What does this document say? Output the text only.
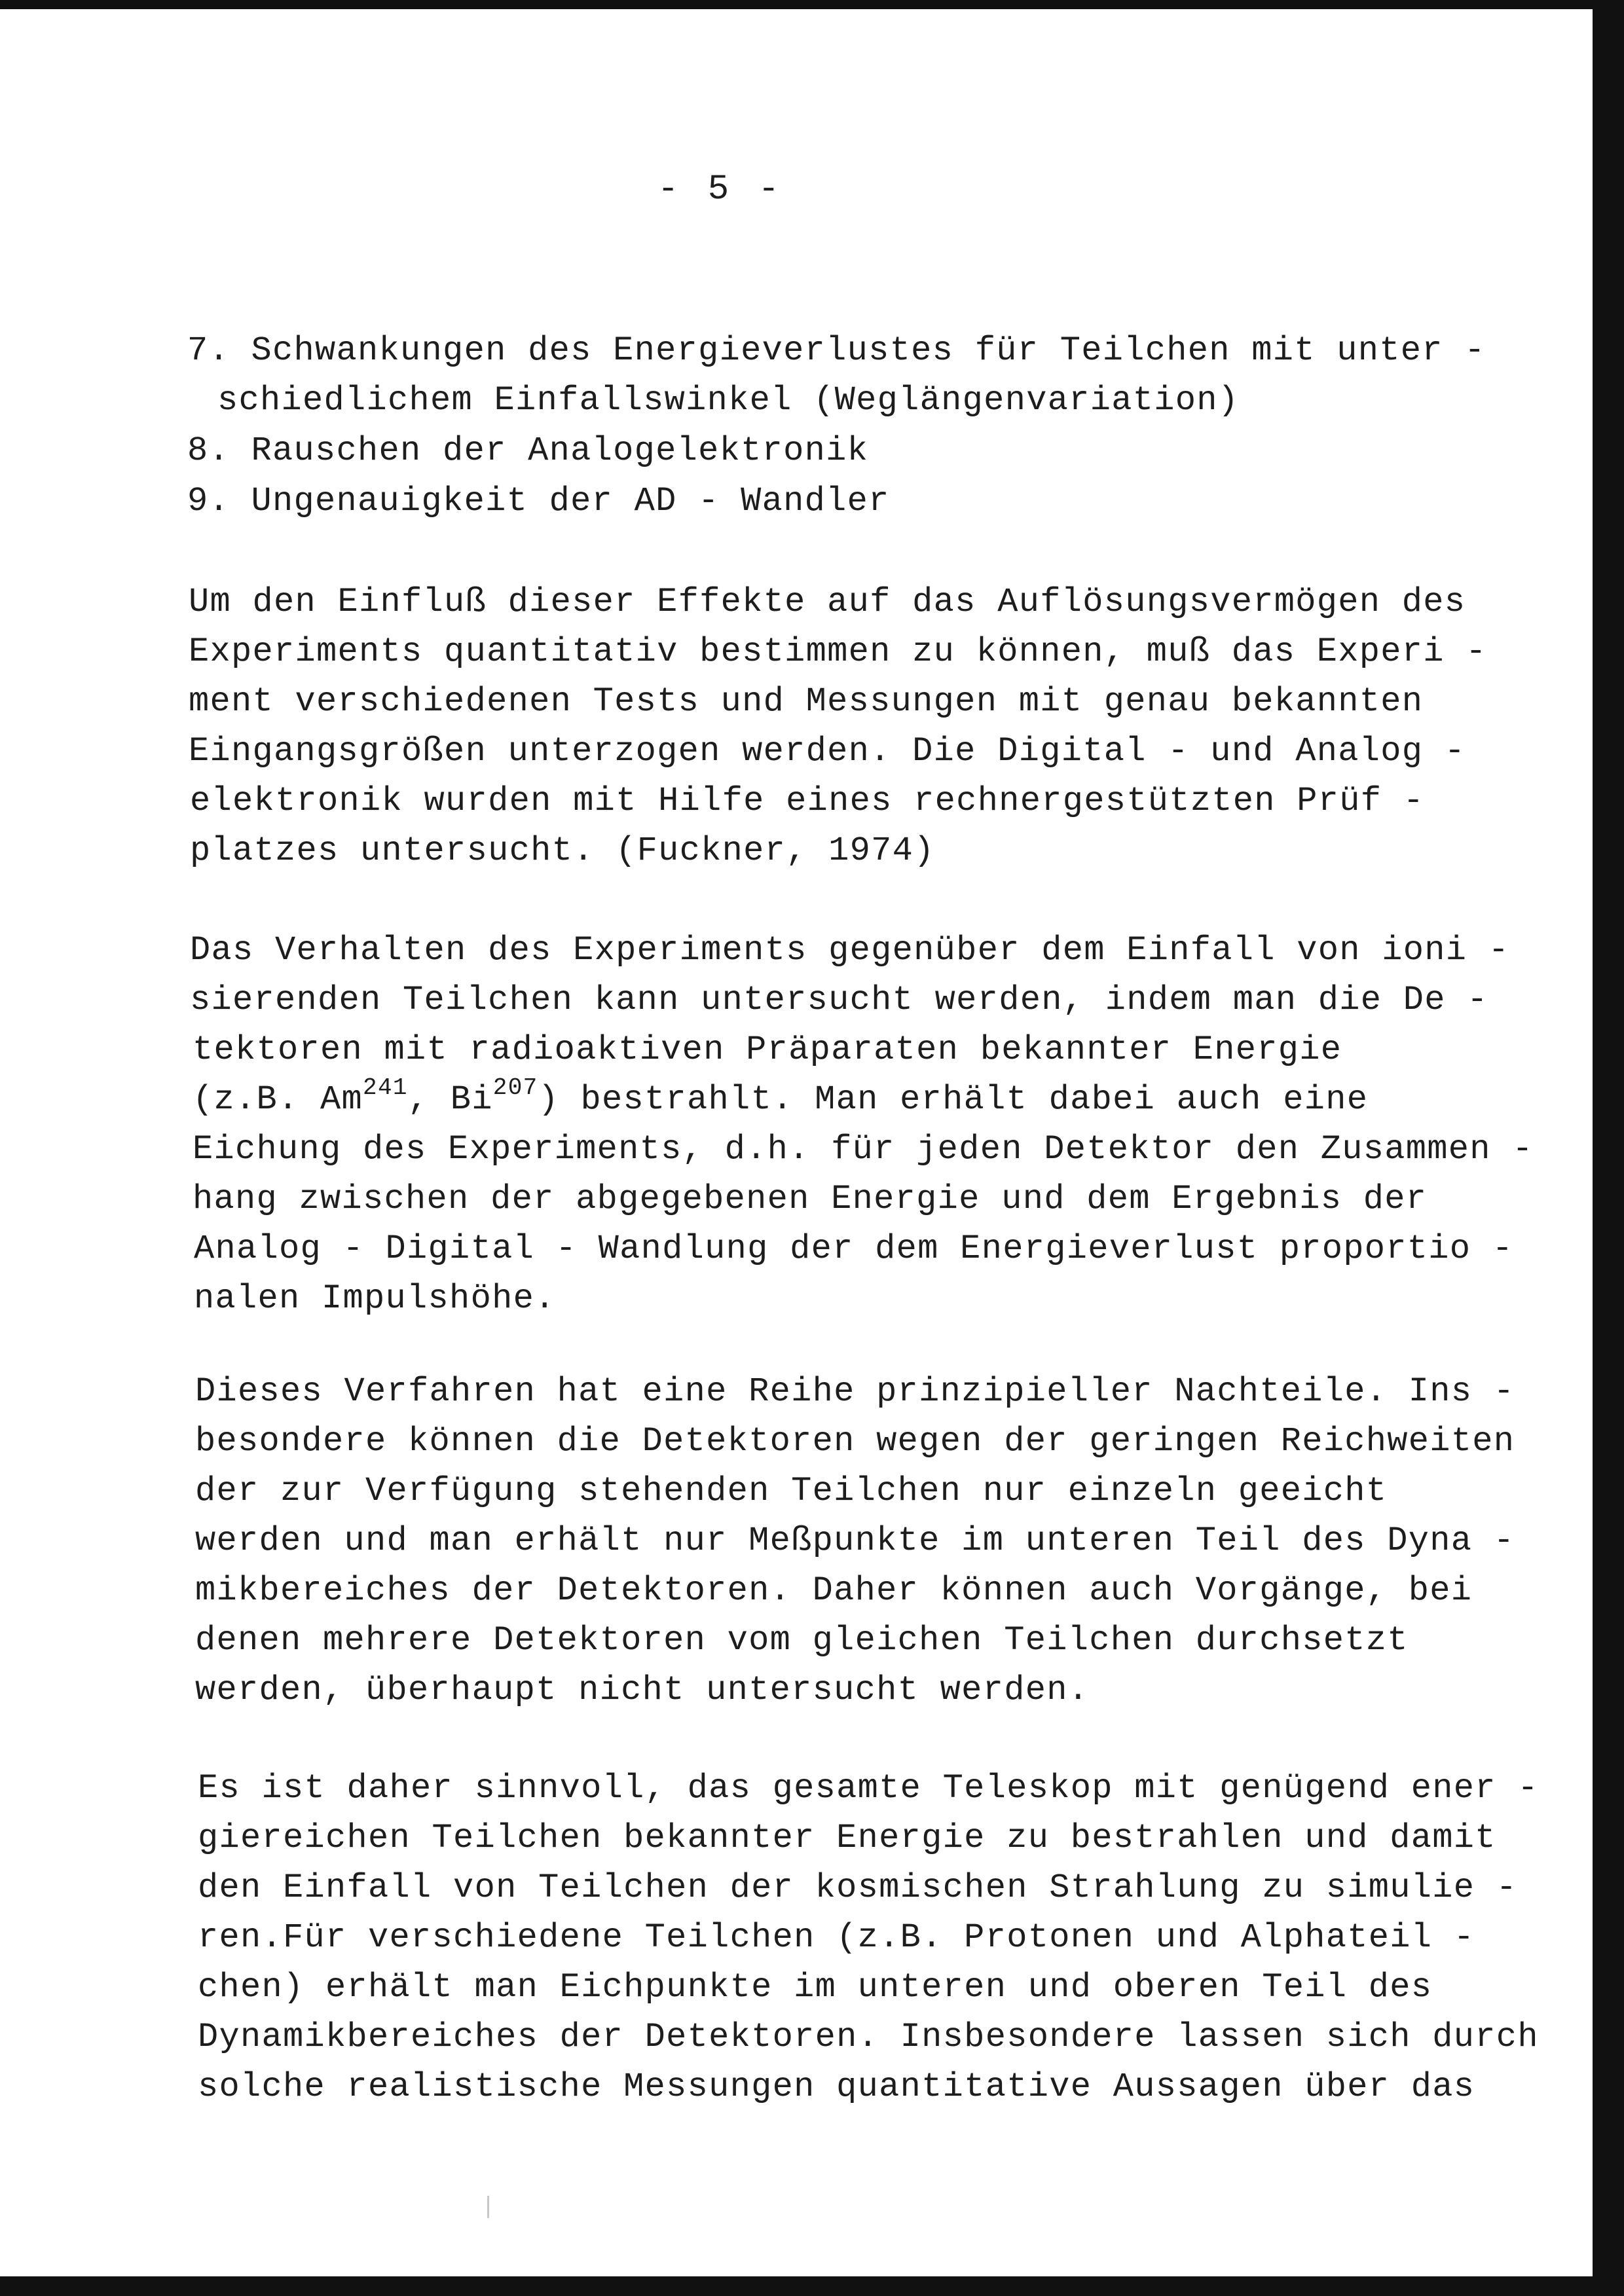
- 5 -
7. Schwankungen des Energieverlustes für Teilchen mit unter -
schiedlichem Einfallswinkel (Weglängenvariation)
8. Rauschen der Analogelektronik
9. Ungenauigkeit der AD - Wandler
Um den Einfluß dieser Effekte auf das Auflösungsvermögen des
Experiments quantitativ bestimmen zu können, muß das Experi -
ment verschiedenen Tests und Messungen mit genau bekannten
Eingangsgrößen unterzogen werden. Die Digital - und Analog -
elektronik wurden mit Hilfe eines rechnergestützten Prüf -
platzes untersucht. (Fuckner, 1974)
Das Verhalten des Experiments gegenüber dem Einfall von ioni -
sierenden Teilchen kann untersucht werden, indem man die De -
tektoren mit radioaktiven Präparaten bekannter Energie
(z.B. Am$^{241}$, Bi$^{207}$) bestrahlt. Man erhält dabei auch eine
Eichung des Experiments, d.h. für jeden Detektor den Zusammen -
hang zwischen der abgegebenen Energie und dem Ergebnis der
Analog - Digital - Wandlung der dem Energieverlust proportio -
nalen Impulshöhe.
Dieses Verfahren hat eine Reihe prinzipieller Nachteile. Ins -
besondere können die Detektoren wegen der geringen Reichweiten
der zur Verfügung stehenden Teilchen nur einzeln geeicht
werden und man erhält nur Meßpunkte im unteren Teil des Dyna -
mikbereiches der Detektoren. Daher können auch Vorgänge, bei
denen mehrere Detektoren vom gleichen Teilchen durchsetzt
werden, überhaupt nicht untersucht werden.
Es ist daher sinnvoll, das gesamte Teleskop mit genügend ener -
giereichen Teilchen bekannter Energie zu bestrahlen und damit
den Einfall von Teilchen der kosmischen Strahlung zu simulie -
ren.Für verschiedene Teilchen (z.B. Protonen und Alphateil -
chen) erhält man Eichpunkte im unteren und oberen Teil des
Dynamikbereiches der Detektoren. Insbesondere lassen sich durch
solche realistische Messungen quantitative Aussagen über das
